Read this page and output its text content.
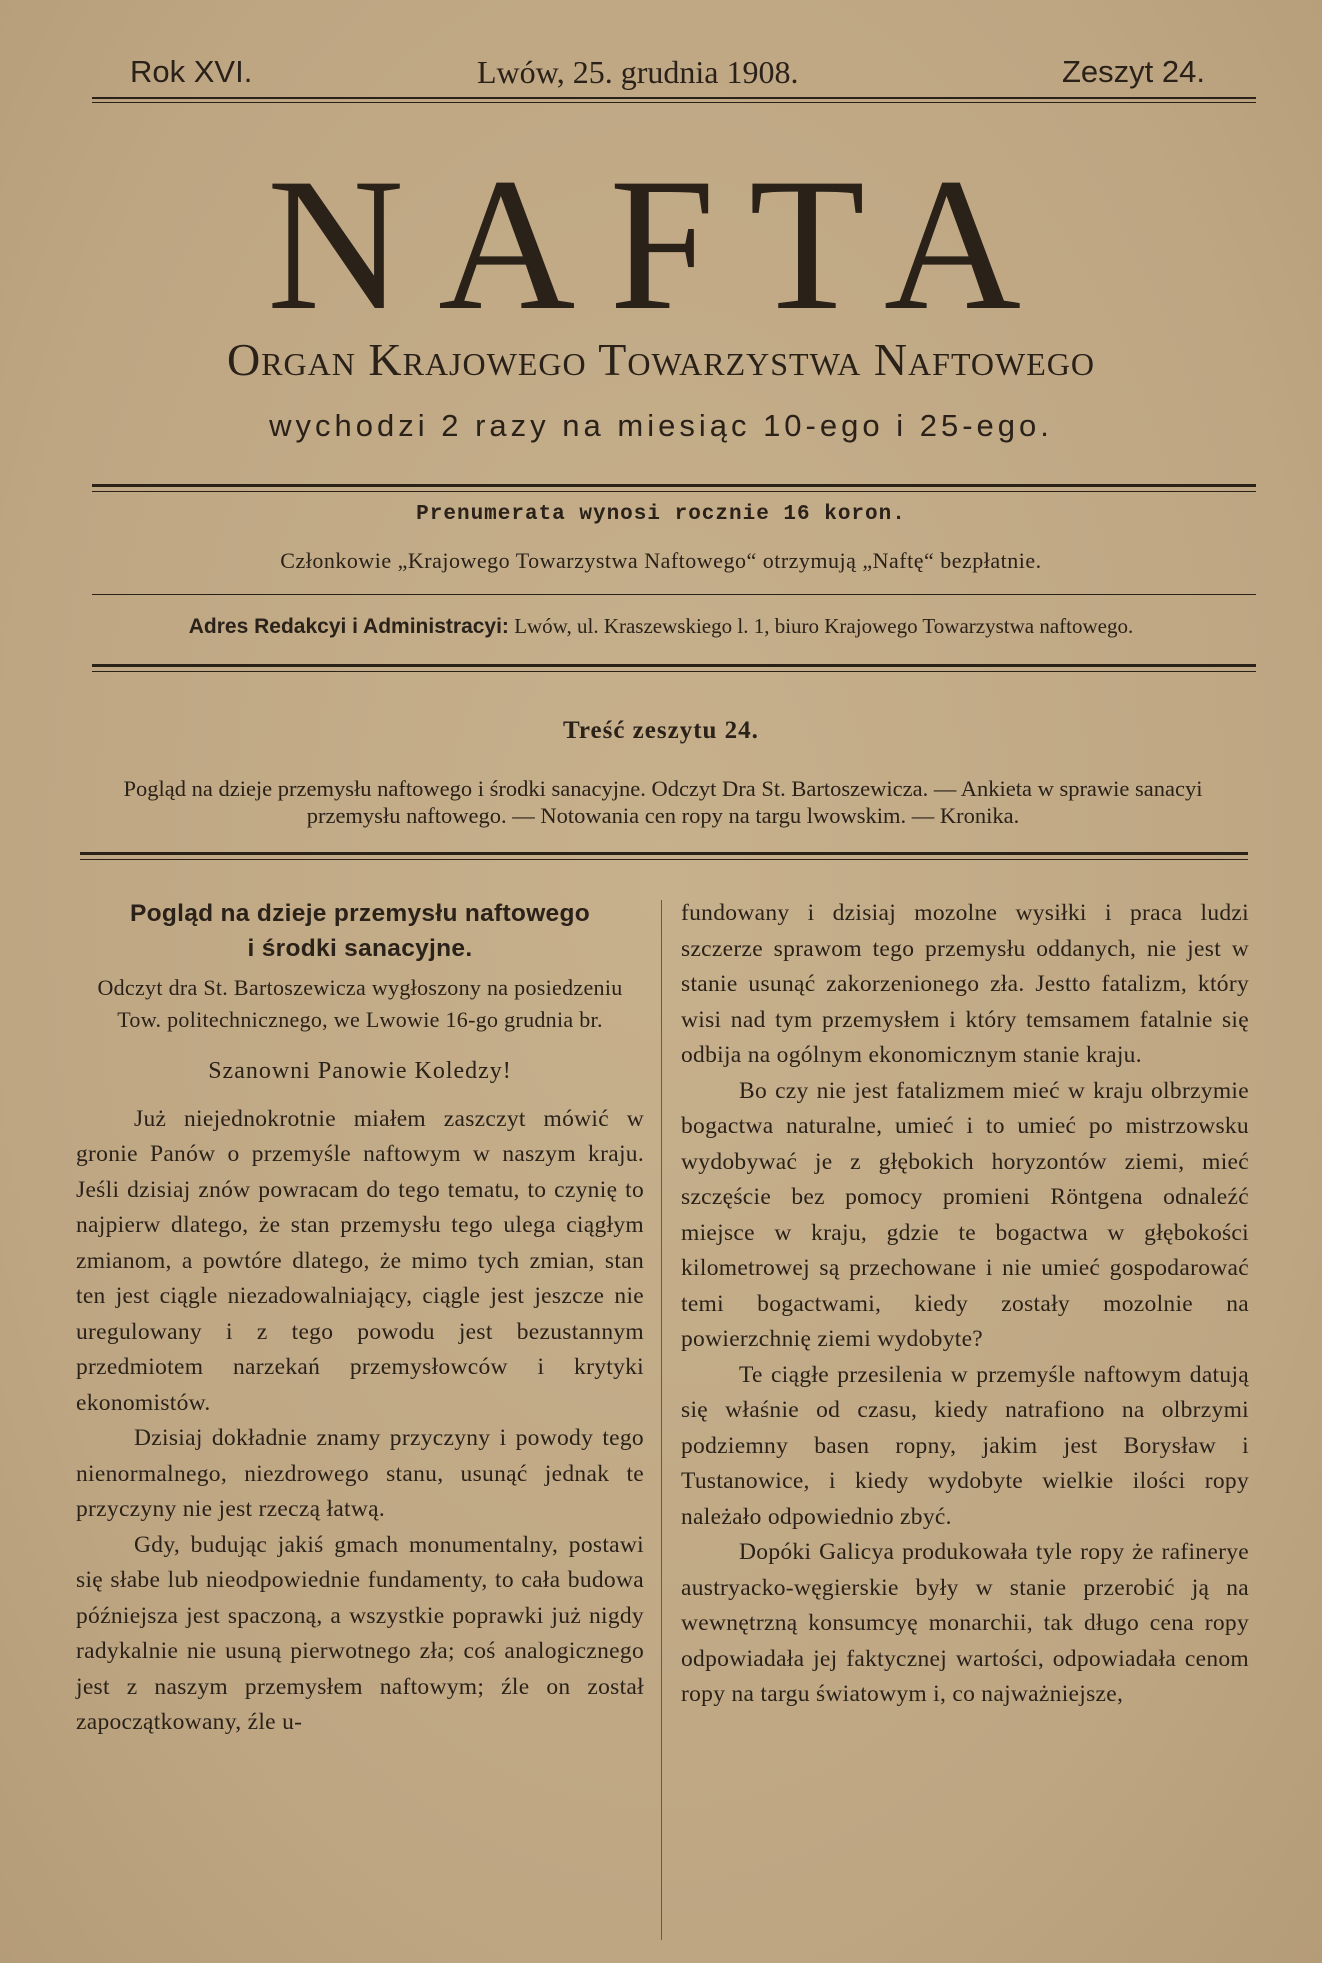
Rok XVI.	Lwów, 25. grudnia 1908.	Zeszyt 24.
NAFTA
Organ Krajowego Towarzystwa Naftowego
wychodzi 2 razy na miesiąc 10-ego i 25-ego.
Prenumerata wynosi rocznie 16 koron.
Członkowie „Krajowego Towarzystwa Naftowego“ otrzymują „Naftę“ bezpłatnie.
Adres Redakcyi i Administracyi: Lwów, ul. Kraszewskiego l. 1, biuro Krajowego Towarzystwa naftowego.
Treść zeszytu 24.
Pogląd na dzieje przemysłu naftowego i środki sanacyjne. Odczyt Dra St. Bartoszewicza. — Ankieta w sprawie sanacyi przemysłu naftowego. — Notowania cen ropy na targu lwowskim. — Kronika.
Pogląd na dzieje przemysłu naftowego
i środki sanacyjne.
Odczyt dra St. Bartoszewicza wygłoszony na posiedzeniu Tow. politechnicznego, we Lwowie 16-go grudnia br.
Szanowni Panowie Koledzy!

Już niejednokrotnie miałem zaszczyt mówić w gronie Panów o przemyśle naftowym w naszym kraju. Jeśli dzisiaj znów powracam do tego tematu, to czynię to najpierw dlatego, że stan przemysłu tego ulega ciągłym zmianom, a powtóre dlatego, że mimo tych zmian, stan ten jest ciągle niezadowalniający, ciągle jest jeszcze nie uregulowany i z tego powodu jest bezustannym przedmiotem narzekań przemysłowców i krytyki ekonomistów.

Dzisiaj dokładnie znamy przyczyny i powody tego nienormalnego, niezdrowego stanu, usunąć jednak te przyczyny nie jest rzeczą łatwą.

Gdy, budując jakiś gmach monumentalny, postawi się słabe lub nieodpowiednie fundamenty, to cała budowa późniejsza jest spaczoną, a wszystkie poprawki już nigdy radykalnie nie usuną pierwotnego zła; coś analogicznego jest z naszym przemysłem naftowym; źle on został zapoczątkowany, źle u-

fundowany i dzisiaj mozolne wysiłki i praca ludzi szczerze sprawom tego przemysłu oddanych, nie jest w stanie usunąć zakorzenionego zła. Jestto fatalizm, który wisi nad tym przemysłem i który temsamem fatalnie się odbija na ogólnym ekonomicznym stanie kraju.

Bo czy nie jest fatalizmem mieć w kraju olbrzymie bogactwa naturalne, umieć i to umieć po mistrzowsku wydobywać je z głębokich horyzontów ziemi, mieć szczęście bez pomocy promieni Röntgena odnaleźć miejsce w kraju, gdzie te bogactwa w głębokości kilometrowej są przechowane i nie umieć gospodarować temi bogactwami, kiedy zostały mozolnie na powierzchnię ziemi wydobyte?

Te ciągłe przesilenia w przemyśle naftowym datują się właśnie od czasu, kiedy natrafiono na olbrzymi podziemny basen ropny, jakim jest Borysław i Tustanowice, i kiedy wydobyte wielkie ilości ropy należało odpowiednio zbyć.

Dopóki Galicya produkowała tyle ropy że rafinerye austryacko-węgierskie były w stanie przerobić ją na wewnętrzną konsumcyę monarchii, tak długo cena ropy odpowiadała jej faktycznej wartości, odpowiadała cenom ropy na targu światowym i, co najważniejsze,
